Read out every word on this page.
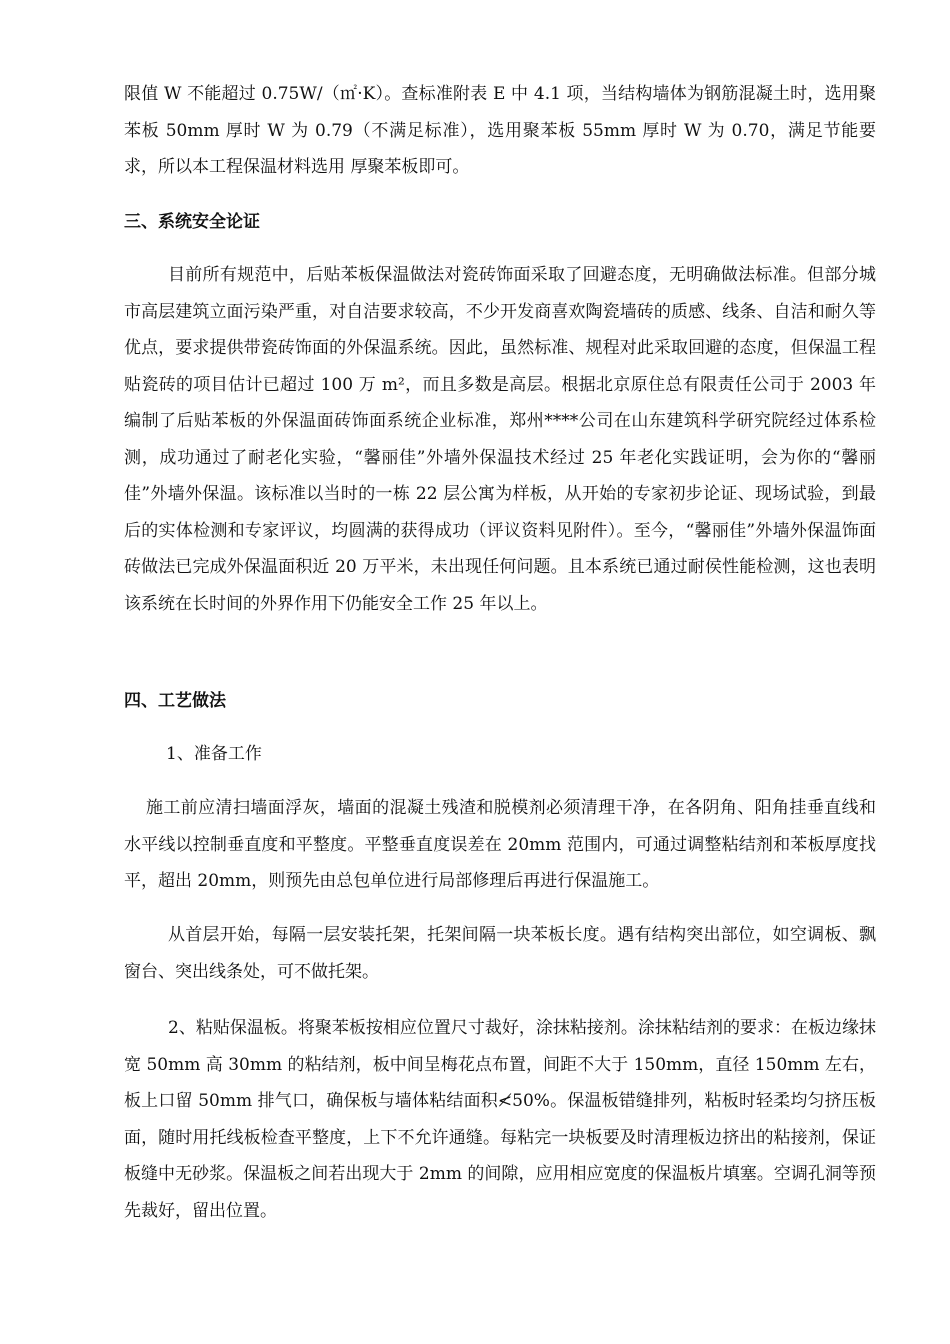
限值 W 不能超过 0.75W/（㎡·K）。查标准附表 E 中 4.1 项，当结构墙体为钢筋混凝土时，选用聚苯板 50mm 厚时 W 为 0.79（不满足标准），选用聚苯板 55mm 厚时 W 为 0.70，满足节能要求，所以本工程保温材料选用 厚聚苯板即可。

三、系统安全论证

目前所有规范中，后贴苯板保温做法对瓷砖饰面采取了回避态度，无明确做法标准。但部分城市高层建筑立面污染严重，对自洁要求较高，不少开发商喜欢陶瓷墙砖的质感、线条、自洁和耐久等优点，要求提供带瓷砖饰面的外保温系统。因此，虽然标准、规程对此采取回避的态度，但保温工程贴瓷砖的项目估计已超过 100 万 m²，而且多数是高层。根据北京原住总有限责任公司于 2003 年编制了后贴苯板的外保温面砖饰面系统企业标准，郑州****公司在山东建筑科学研究院经过体系检测，成功通过了耐老化实验，“馨丽佳”外墙外保温技术经过 25 年老化实践证明，会为你的“馨丽佳”外墙外保温。该标准以当时的一栋 22 层公寓为样板，从开始的专家初步论证、现场试验，到最后的实体检测和专家评议，均圆满的获得成功（评议资料见附件）。至今，“馨丽佳”外墙外保温饰面砖做法已完成外保温面积近 20 万平米，未出现任何问题。且本系统已通过耐侯性能检测，这也表明该系统在长时间的外界作用下仍能安全工作 25 年以上。

四、工艺做法

1、准备工作

施工前应清扫墙面浮灰，墙面的混凝土残渣和脱模剂必须清理干净，在各阴角、阳角挂垂直线和水平线以控制垂直度和平整度。平整垂直度误差在 20mm 范围内，可通过调整粘结剂和苯板厚度找平，超出 20mm，则预先由总包单位进行局部修理后再进行保温施工。

从首层开始，每隔一层安装托架，托架间隔一块苯板长度。遇有结构突出部位，如空调板、飘窗台、突出线条处，可不做托架。

2、粘贴保温板。将聚苯板按相应位置尺寸裁好，涂抹粘接剂。涂抹粘结剂的要求：在板边缘抹宽 50mm 高 30mm 的粘结剂，板中间呈梅花点布置，间距不大于 150mm，直径 150mm 左右，板上口留 50mm 排气口，确保板与墙体粘结面积≮50%。保温板错缝排列，粘板时轻柔均匀挤压板面，随时用托线板检查平整度，上下不允许通缝。每粘完一块板要及时清理板边挤出的粘接剂，保证板缝中无砂浆。保温板之间若出现大于 2mm 的间隙，应用相应宽度的保温板片填塞。空调孔洞等预先裁好，留出位置。
